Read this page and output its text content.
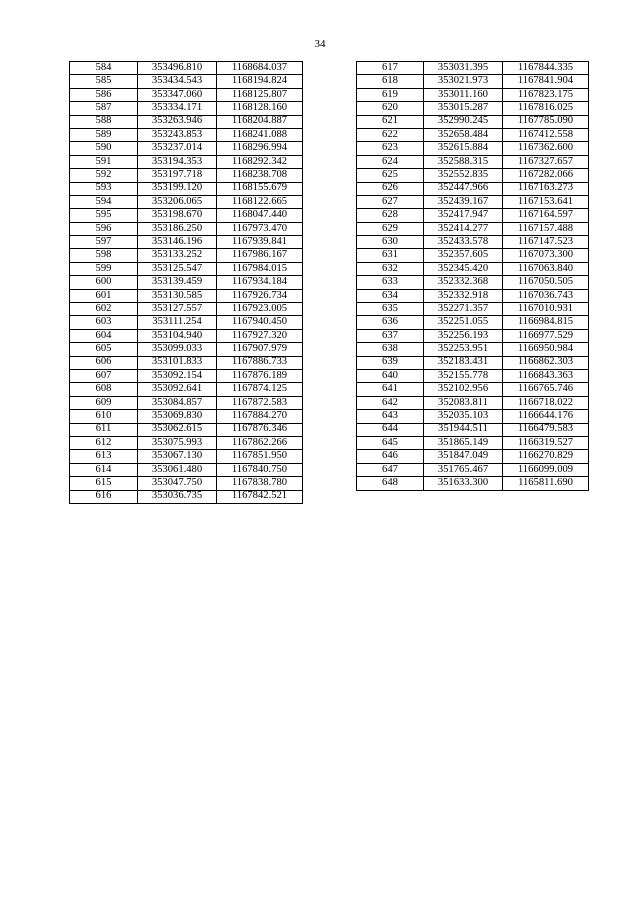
34
584	353496.810	1168684.037
585	353434.543	1168194.824
586	353347.060	1168125.807
587	353334.171	1168128.160
588	353263.946	1168204.887
589	353243.853	1168241.088
590	353237.014	1168296.994
591	353194.353	1168292.342
592	353197.718	1168238.708
593	353199.120	1168155.679
594	353206.065	1168122.665
595	353198.670	1168047.440
596	353186.250	1167973.470
597	353146.196	1167939.841
598	353133.252	1167986.167
599	353125.547	1167984.015
600	353139.459	1167934.184
601	353130.585	1167926.734
602	353127.557	1167923.005
603	353111.254	1167940.450
604	353104.940	1167927.320
605	353099.033	1167907.979
606	353101.833	1167886.733
607	353092.154	1167876.189
608	353092.641	1167874.125
609	353084.857	1167872.583
610	353069.830	1167884.270
611	353062.615	1167876.346
612	353075.993	1167862.266
613	353067.130	1167851.950
614	353061.480	1167840.750
615	353047.750	1167838.780
616	353036.735	1167842.521
617	353031.395	1167844.335
618	353021.973	1167841.904
619	353011.160	1167823.175
620	353015.287	1167816.025
621	352990.245	1167785.090
622	352658.484	1167412.558
623	352615.884	1167362.600
624	352588.315	1167327.657
625	352552.835	1167282.066
626	352447.966	1167163.273
627	352439.167	1167153.641
628	352417.947	1167164.597
629	352414.277	1167157.488
630	352433.578	1167147.523
631	352357.605	1167073.300
632	352345.420	1167063.840
633	352332.368	1167050.505
634	352332.918	1167036.743
635	352271.357	1167010.931
636	352251.055	1166984.815
637	352256.193	1166977.529
638	352253.951	1166950.984
639	352183.431	1166862.303
640	352155.778	1166843.363
641	352102.956	1166765.746
642	352083.811	1166718.022
643	352035.103	1166644.176
644	351944.511	1166479.583
645	351865.149	1166319.527
646	351847.049	1166270.829
647	351765.467	1166099.009
648	351633.300	1165811.690
